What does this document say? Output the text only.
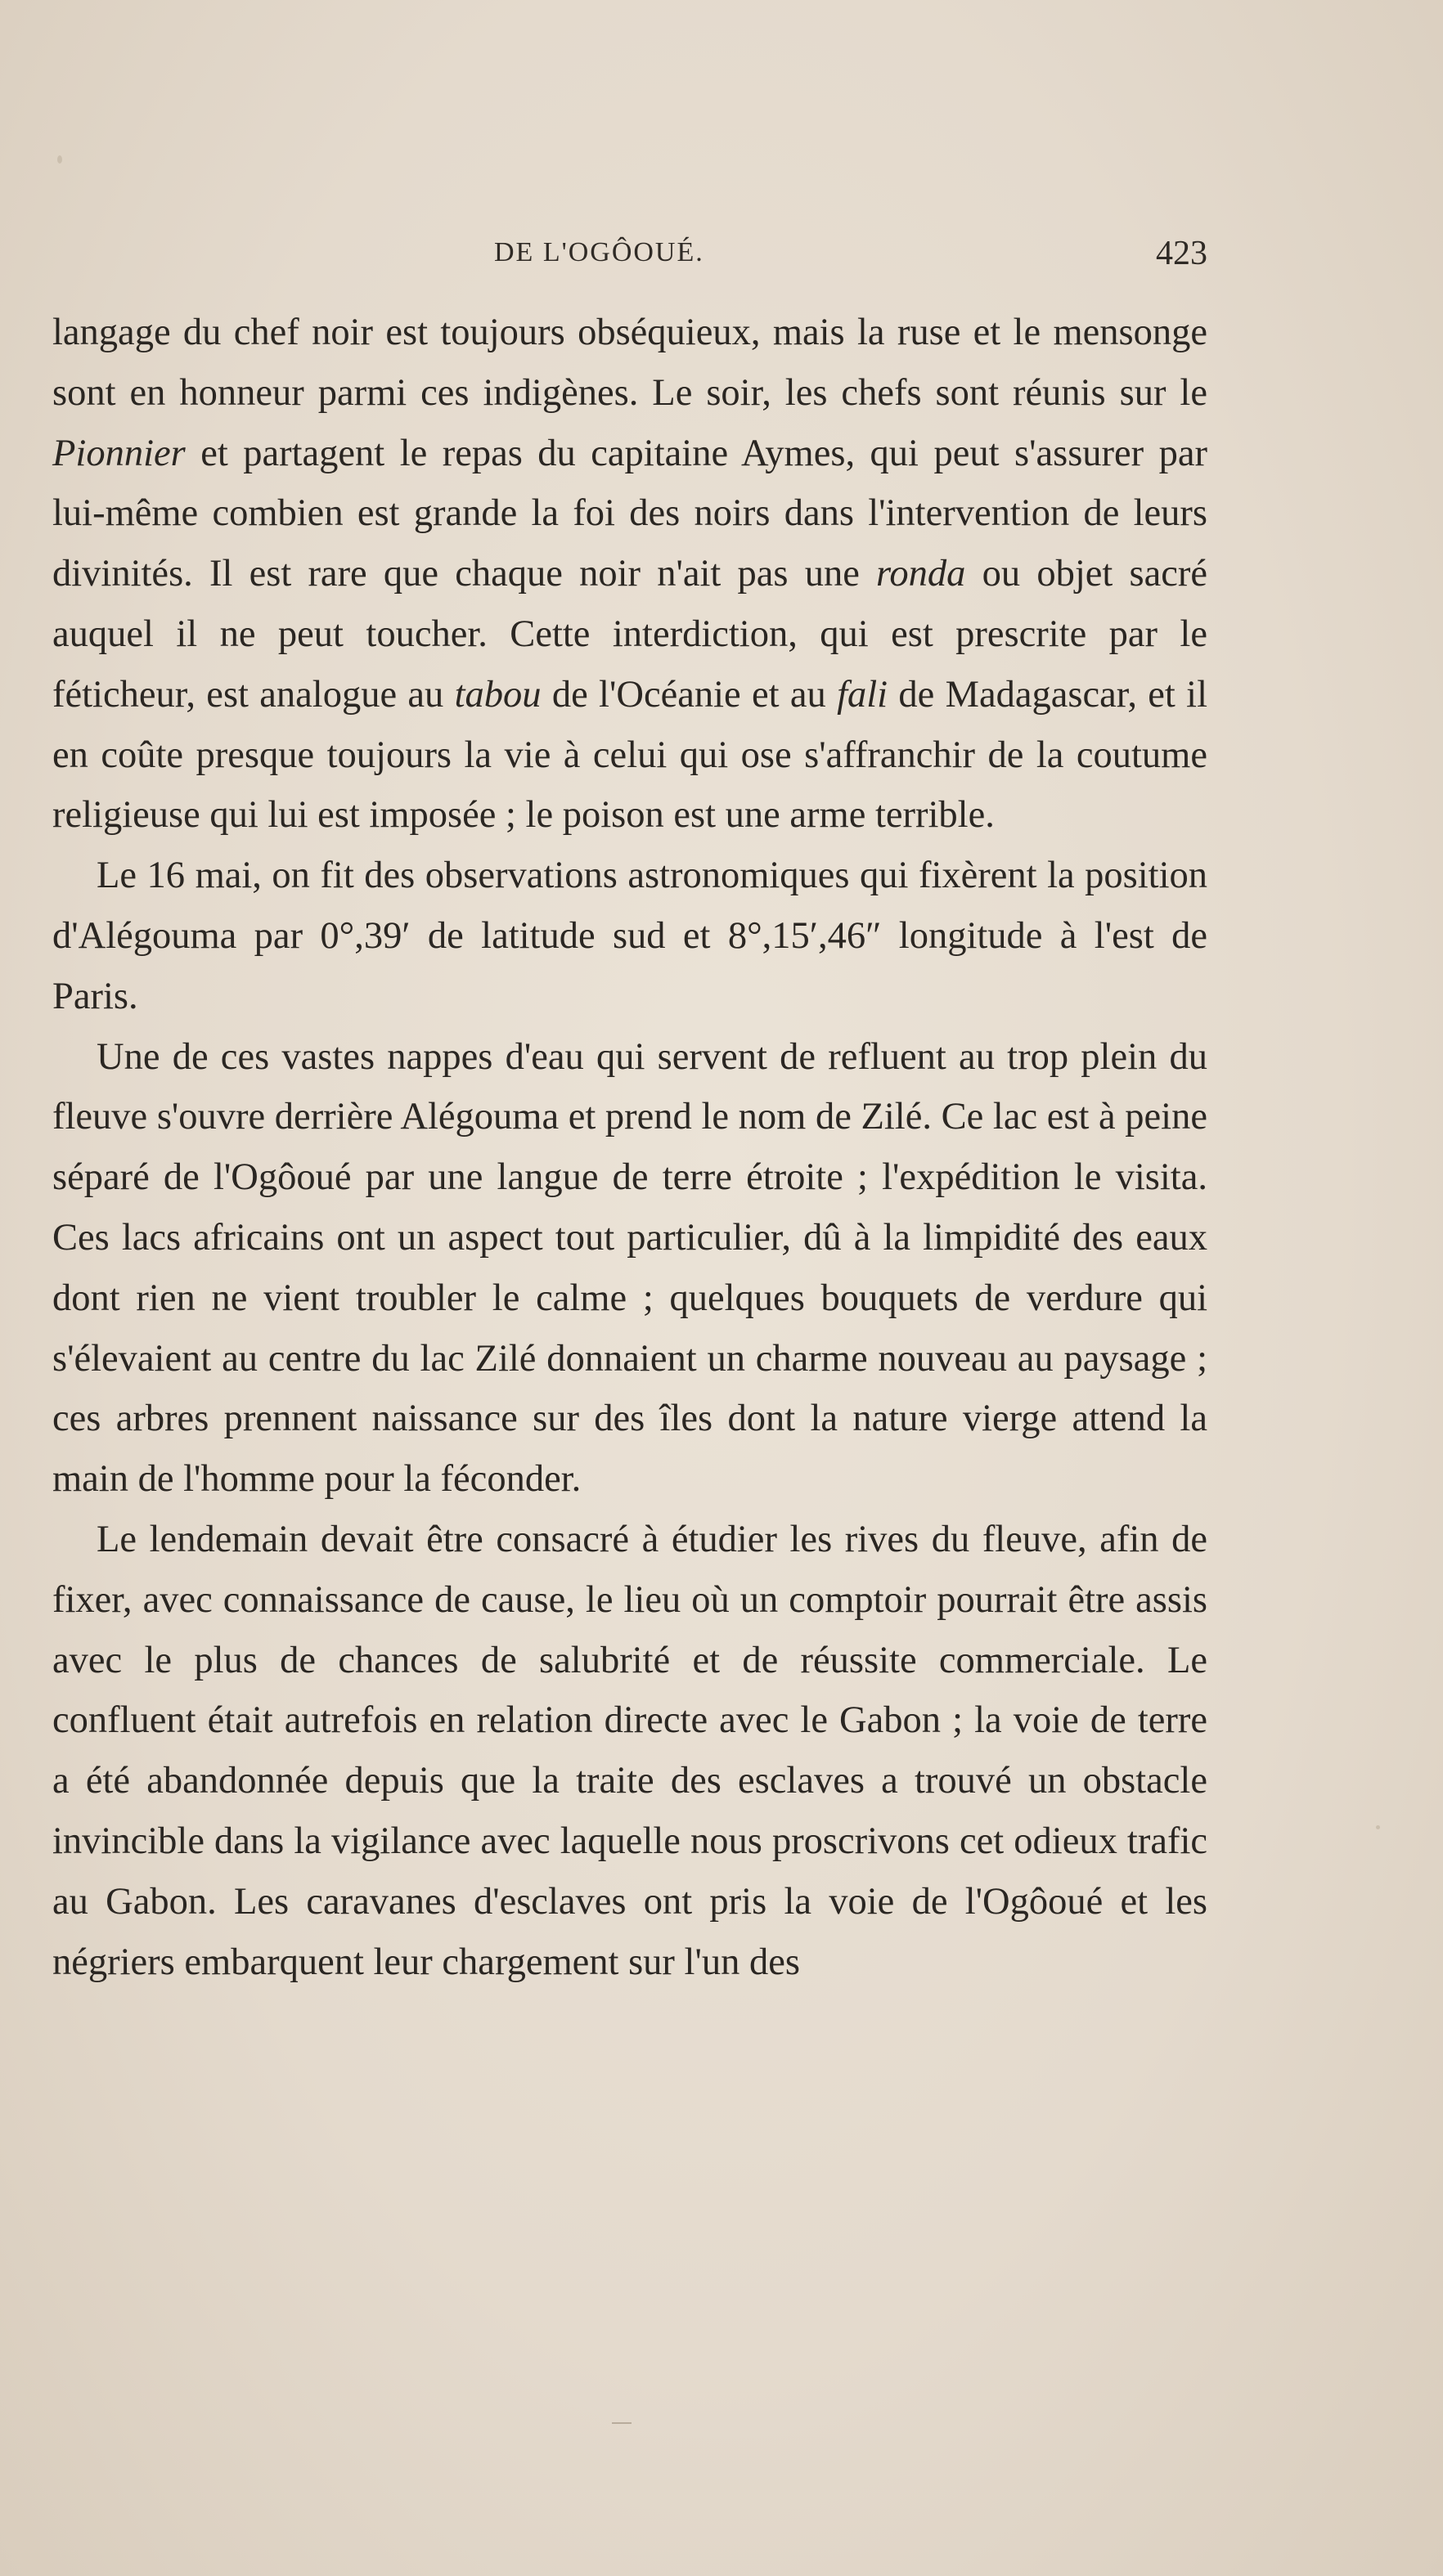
DE L'OGÔOUÉ.	423

langage du chef noir est toujours obséquieux, mais la ruse et le mensonge sont en honneur parmi ces indigènes. Le soir, les chefs sont réunis sur le Pionnier et partagent le repas du capitaine Aymes, qui peut s'assurer par lui-même combien est grande la foi des noirs dans l'intervention de leurs divinités. Il est rare que chaque noir n'ait pas une ronda ou objet sacré auquel il ne peut toucher. Cette interdiction, qui est prescrite par le féticheur, est analogue au tabou de l'Océanie et au fali de Madagascar, et il en coûte presque toujours la vie à celui qui ose s'affranchir de la coutume religieuse qui lui est imposée ; le poison est une arme terrible.

Le 16 mai, on fit des observations astronomiques qui fixèrent la position d'Alégouma par 0°,39′ de latitude sud et 8°,15′,46″ longitude à l'est de Paris.

Une de ces vastes nappes d'eau qui servent de refluent au trop plein du fleuve s'ouvre derrière Alégouma et prend le nom de Zilé. Ce lac est à peine séparé de l'Ogôoué par une langue de terre étroite ; l'expédition le visita. Ces lacs africains ont un aspect tout particulier, dû à la limpidité des eaux dont rien ne vient troubler le calme ; quelques bouquets de verdure qui s'élevaient au centre du lac Zilé donnaient un charme nouveau au paysage ; ces arbres prennent naissance sur des îles dont la nature vierge attend la main de l'homme pour la féconder.

Le lendemain devait être consacré à étudier les rives du fleuve, afin de fixer, avec connaissance de cause, le lieu où un comptoir pourrait être assis avec le plus de chances de salubrité et de réussite commerciale. Le confluent était autrefois en relation directe avec le Gabon ; la voie de terre a été abandonnée depuis que la traite des esclaves a trouvé un obstacle invincible dans la vigilance avec laquelle nous proscrivons cet odieux trafic au Gabon. Les caravanes d'esclaves ont pris la voie de l'Ogôoué et les négriers embarquent leur chargement sur l'un des
